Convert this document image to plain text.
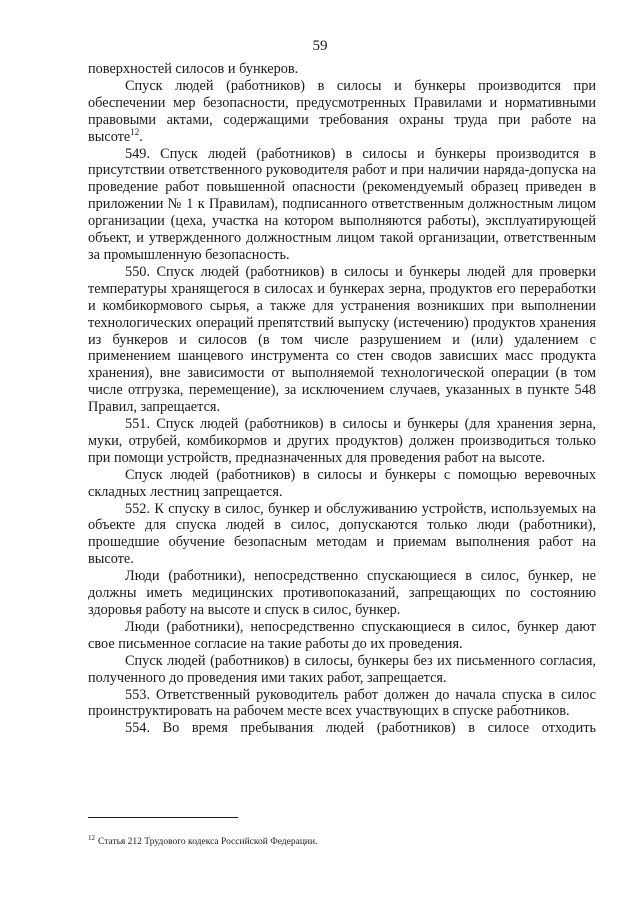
59

поверхностей силосов и бункеров.

Спуск людей (работников) в силосы и бункеры производится при обеспечении мер безопасности, предусмотренных Правилами и нормативными правовыми актами, содержащими требования охраны труда при работе на высоте$^{12}$.

549. Спуск людей (работников) в силосы и бункеры производится в присутствии ответственного руководителя работ и при наличии наряда-допуска на проведение работ повышенной опасности (рекомендуемый образец приведен в приложении № 1 к Правилам), подписанного ответственным должностным лицом организации (цеха, участка на котором выполняются работы), эксплуатирующей объект, и утвержденного должностным лицом такой организации, ответственным за промышленную безопасность.

550. Спуск людей (работников) в силосы и бункеры людей для проверки температуры хранящегося в силосах и бункерах зерна, продуктов его переработки и комбикормового сырья, а также для устранения возникших при выполнении технологических операций препятствий выпуску (истечению) продуктов хранения из бункеров и силосов (в том числе разрушением и (или) удалением с применением шанцевого инструмента со стен сводов зависших масс продукта хранения), вне зависимости от выполняемой технологической операции (в том числе отгрузка, перемещение), за исключением случаев, указанных в пункте 548 Правил, запрещается.

551. Спуск людей (работников) в силосы и бункеры (для хранения зерна, муки, отрубей, комбикормов и других продуктов) должен производиться только при помощи устройств, предназначенных для проведения работ на высоте.

Спуск людей (работников) в силосы и бункеры с помощью веревочных складных лестниц запрещается.

552. К спуску в силос, бункер и обслуживанию устройств, используемых на объекте для спуска людей в силос, допускаются только люди (работники), прошедшие обучение безопасным методам и приемам выполнения работ на высоте.

Люди (работники), непосредственно спускающиеся в силос, бункер, не должны иметь медицинских противопоказаний, запрещающих по состоянию здоровья работу на высоте и спуск в силос, бункер.

Люди (работники), непосредственно спускающиеся в силос, бункер дают свое письменное согласие на такие работы до их проведения.

Спуск людей (работников) в силосы, бункеры без их письменного согласия, полученного до проведения ими таких работ, запрещается.

553. Ответственный руководитель работ должен до начала спуска в силос проинструктировать на рабочем месте всех участвующих в спуске работников.

554. Во время пребывания людей (работников) в силосе отходить

$^{12}$ Статья 212 Трудового кодекса Российской Федерации.
